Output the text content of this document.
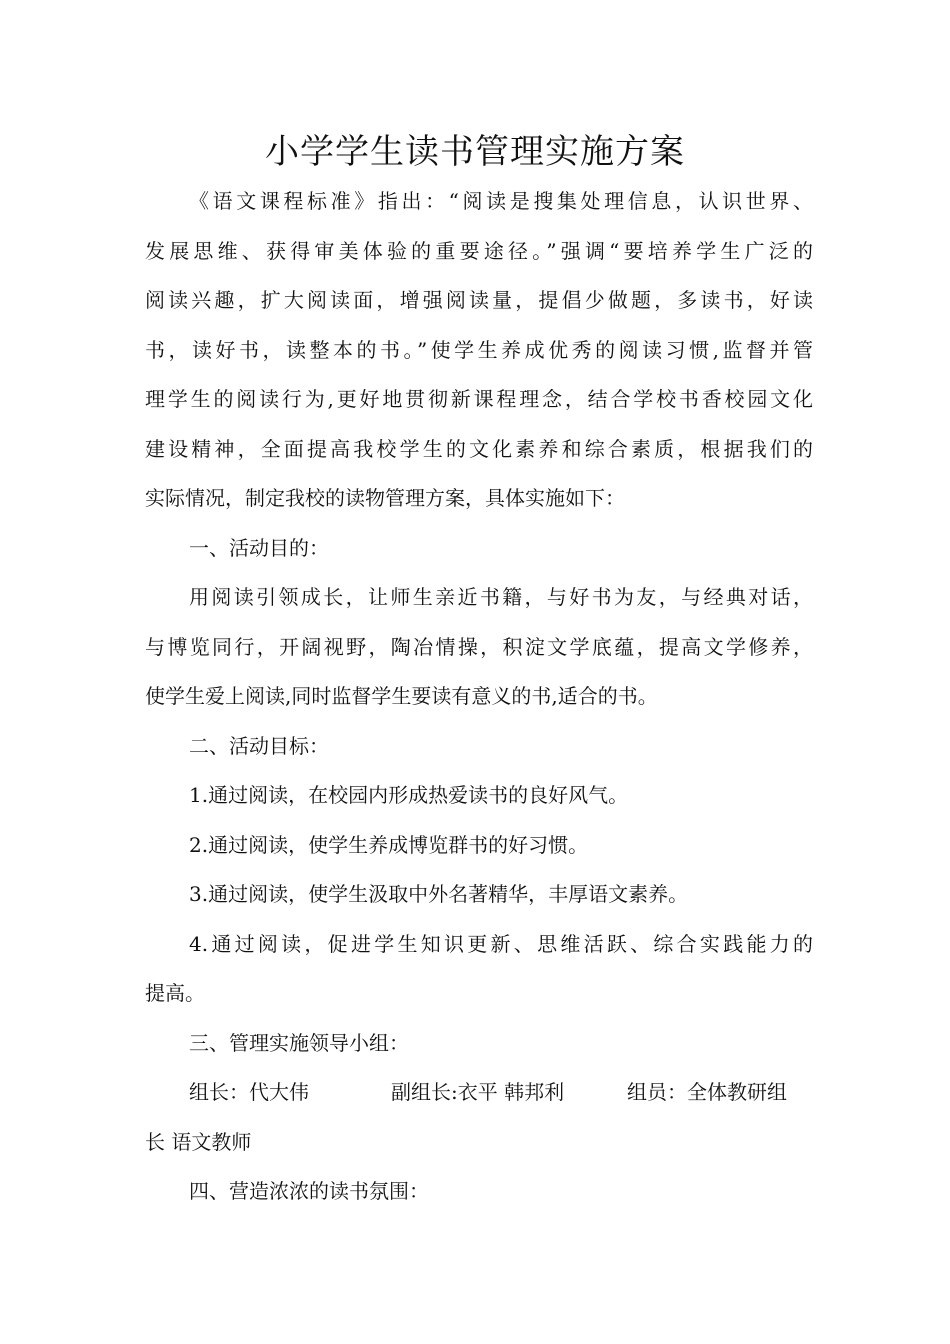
小学学生读书管理实施方案

《语文课程标准》指出：“阅读是搜集处理信息，认识世界、

发展思维、获得审美体验的重要途径。”强调“要培养学生广泛的

阅读兴趣，扩大阅读面，增强阅读量，提倡少做题，多读书，好读

书，读好书，读整本的书。”使学生养成优秀的阅读习惯,监督并管

理学生的阅读行为,更好地贯彻新课程理念，结合学校书香校园文化

建设精神，全面提高我校学生的文化素养和综合素质，根据我们的

实际情况，制定我校的读物管理方案，具体实施如下：

一、活动目的：

用阅读引领成长，让师生亲近书籍，与好书为友，与经典对话，

与博览同行，开阔视野，陶冶情操，积淀文学底蕴，提高文学修养，

使学生爱上阅读,同时监督学生要读有意义的书,适合的书。

二、活动目标：

1.通过阅读，在校园内形成热爱读书的良好风气。

2.通过阅读，使学生养成博览群书的好习惯。

3.通过阅读，使学生汲取中外名著精华，丰厚语文素养。

4.通过阅读，促进学生知识更新、思维活跃、综合实践能力的

提高。

三、管理实施领导小组：

组长：代大伟	副组长:衣平 韩邦利	组员：全体教研组

长 语文教师

四、营造浓浓的读书氛围：
